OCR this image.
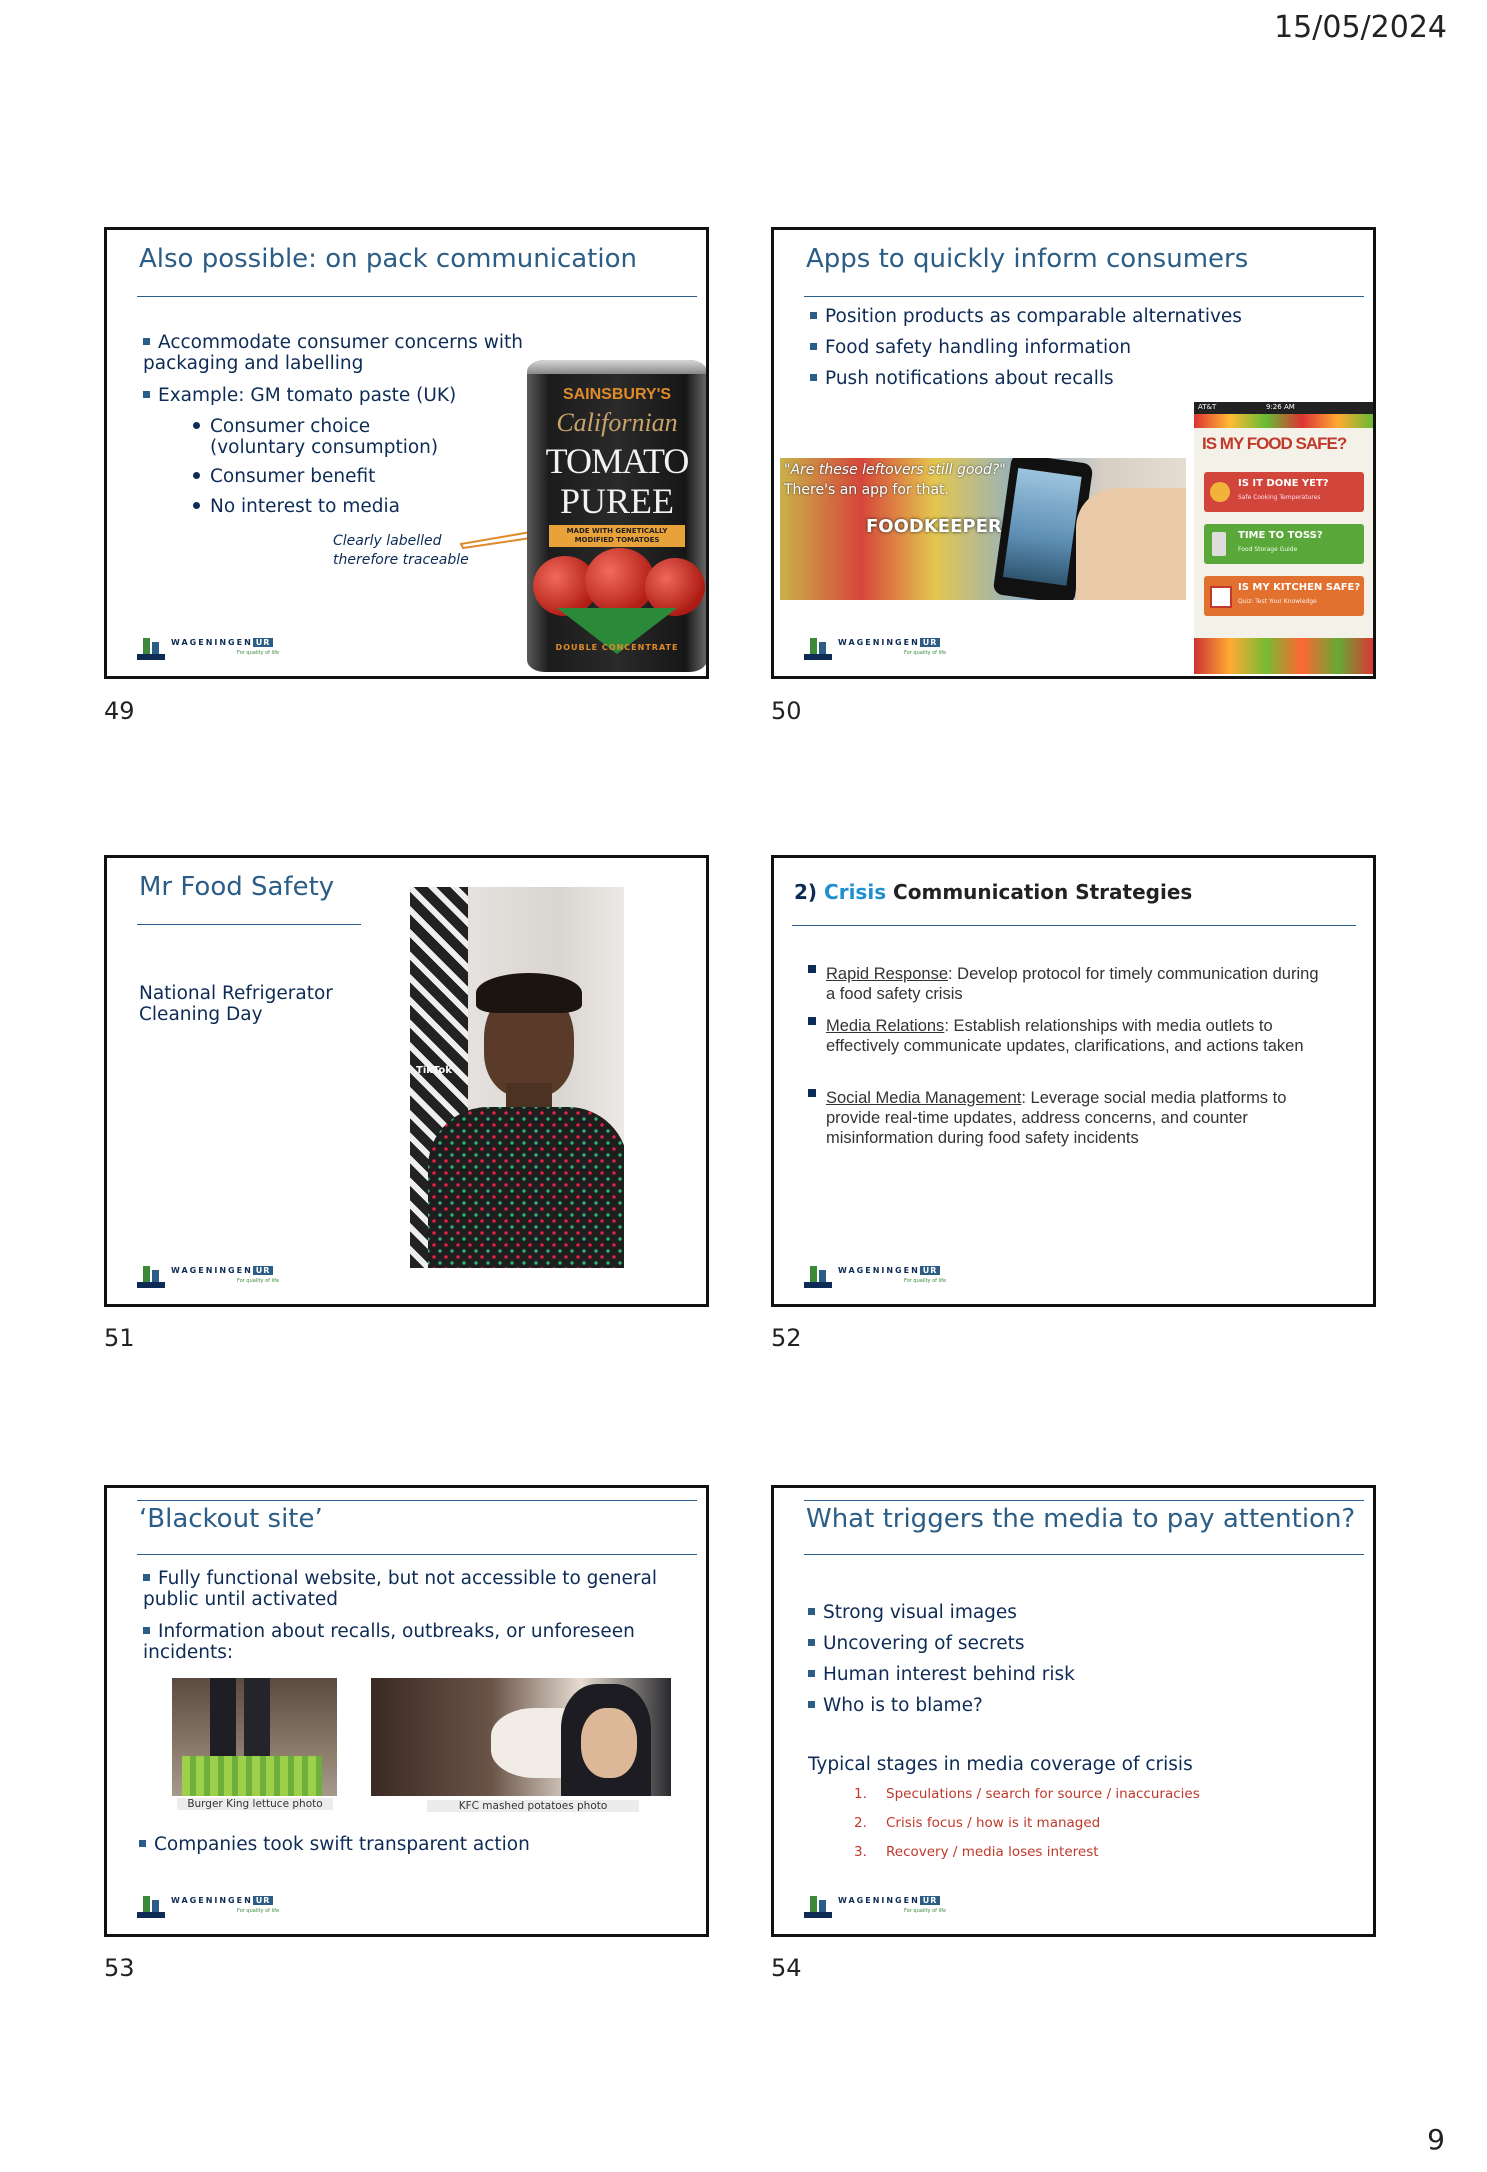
15/05/2024
Also possible: on pack communication
Accommodate consumer concerns with packaging and labelling
Example: GM tomato paste (UK)
Consumer choice (voluntary consumption)
Consumer benefit
No interest to media
Clearly labelled therefore traceable
SAINSBURY'S
Californian
TOMATO
PUREE
MADE WITH GENETICALLY MODIFIED TOMATOES
DOUBLE CONCENTRATE
WAGENINGEN UR
For quality of life
49
Apps to quickly inform consumers
Position products as comparable alternatives
Food safety handling information
Push notifications about recalls
"Are these leftovers still good?"
There's an app for that.
FOODKEEPER
AT&T	9:26 AM
IS MY FOOD SAFE?
IS IT DONE YET?
Safe Cooking Temperatures
TIME TO TOSS?
Food Storage Guide
IS MY KITCHEN SAFE?
Quiz: Test Your Knowledge
WAGENINGEN UR
For quality of life
50
Mr Food Safety
National Refrigerator Cleaning Day
TikTok
WAGENINGEN UR
For quality of life
51
2) Crisis Communication Strategies
Rapid Response: Develop protocol for timely communication during a food safety crisis
Media Relations: Establish relationships with media outlets to effectively communicate updates, clarifications, and actions taken
Social Media Management: Leverage social media platforms to provide real-time updates, address concerns, and counter misinformation during food safety incidents
WAGENINGEN UR
For quality of life
52
‘Blackout site’
Fully functional website, but not accessible to general public until activated
Information about recalls, outbreaks, or unforeseen incidents:
Burger King lettuce photo	KFC mashed potatoes photo
Companies took swift transparent action
WAGENINGEN UR
For quality of life
53
What triggers the media to pay attention?
Strong visual images
Uncovering of secrets
Human interest behind risk
Who is to blame?
Typical stages in media coverage of crisis
1. Speculations / search for source / inaccuracies
2. Crisis focus / how is it managed
3. Recovery / media loses interest
WAGENINGEN UR
For quality of life
54
9
